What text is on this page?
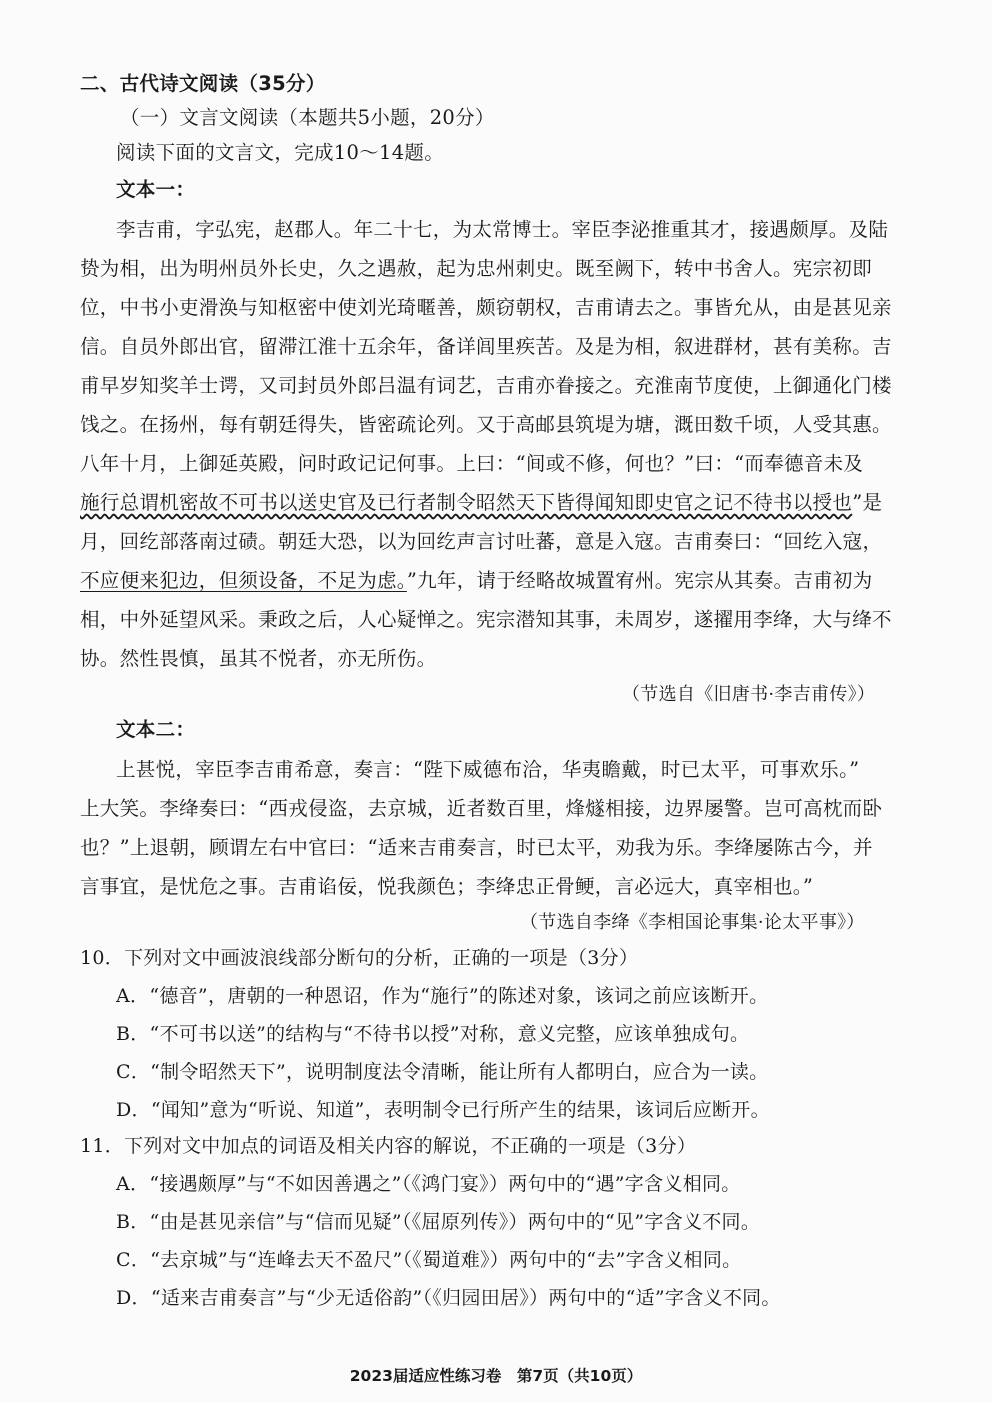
二、古代诗文阅读（35分）
（一）文言文阅读（本题共5小题，20分）
阅读下面的文言文，完成10～14题。
文本一：
李吉甫，字弘宪，赵郡人。年二十七，为太常博士。宰臣李泌推重其才，接遇颇厚。及陆
贽为相，出为明州员外长史，久之遇赦，起为忠州刺史。既至阙下，转中书舍人。宪宗初即
位，中书小吏滑涣与知枢密中使刘光琦暱善，颇窃朝权，吉甫请去之。事皆允从，由是甚见亲
信。自员外郎出官，留滞江淮十五余年，备详闾里疾苦。及是为相，叙进群材，甚有美称。吉
甫早岁知奖羊士谔，又司封员外郎吕温有词艺，吉甫亦眷接之。充淮南节度使，上御通化门楼
饯之。在扬州，每有朝廷得失，皆密疏论列。又于高邮县筑堤为塘，溉田数千顷，人受其惠。
八年十月，上御延英殿，问时政记记何事。上曰：“间或不修，何也？”曰：“而奉德音未及
施行总谓机密故不可书以送史官及已行者制令昭然天下皆得闻知即史官之记不待书以授也”是
月，回纥部落南过碛。朝廷大恐，以为回纥声言讨吐蕃，意是入寇。吉甫奏曰：“回纥入寇，
不应便来犯边，但须设备，不足为虑。”九年，请于经略故城置宥州。宪宗从其奏。吉甫初为
相，中外延望风采。秉政之后，人心疑惮之。宪宗潜知其事，未周岁，遂擢用李绛，大与绛不
协。然性畏慎，虽其不悦者，亦无所伤。
（节选自《旧唐书·李吉甫传》）
文本二：
上甚悦，宰臣李吉甫希意，奏言：“陛下威德布洽，华夷瞻戴，时已太平，可事欢乐。”
上大笑。李绛奏曰：“西戎侵盗，去京城，近者数百里，烽燧相接，边界屡警。岂可高枕而卧
也？”上退朝，顾谓左右中官曰：“适来吉甫奏言，时已太平，劝我为乐。李绛屡陈古今，并
言事宜，是忧危之事。吉甫谄佞，悦我颜色；李绛忠正骨鲠，言必远大，真宰相也。”
（节选自李绛《李相国论事集·论太平事》）
10．下列对文中画波浪线部分断句的分析，正确的一项是（3分）
A．“德音”，唐朝的一种恩诏，作为“施行”的陈述对象，该词之前应该断开。
B．“不可书以送”的结构与“不待书以授”对称，意义完整，应该单独成句。
C．“制令昭然天下”，说明制度法令清晰，能让所有人都明白，应合为一读。
D．“闻知”意为“听说、知道”，表明制令已行所产生的结果，该词后应断开。
11．下列对文中加点的词语及相关内容的解说，不正确的一项是（3分）
A．“接遇颇厚”与“不如因善遇之”（《鸿门宴》）两句中的“遇”字含义相同。
B．“由是甚见亲信”与“信而见疑”（《屈原列传》）两句中的“见”字含义不同。
C．“去京城”与“连峰去天不盈尺”（《蜀道难》）两句中的“去”字含义相同。
D．“适来吉甫奏言”与“少无适俗韵”（《归园田居》）两句中的“适”字含义不同。
2023届适应性练习卷　第7页（共10页）
